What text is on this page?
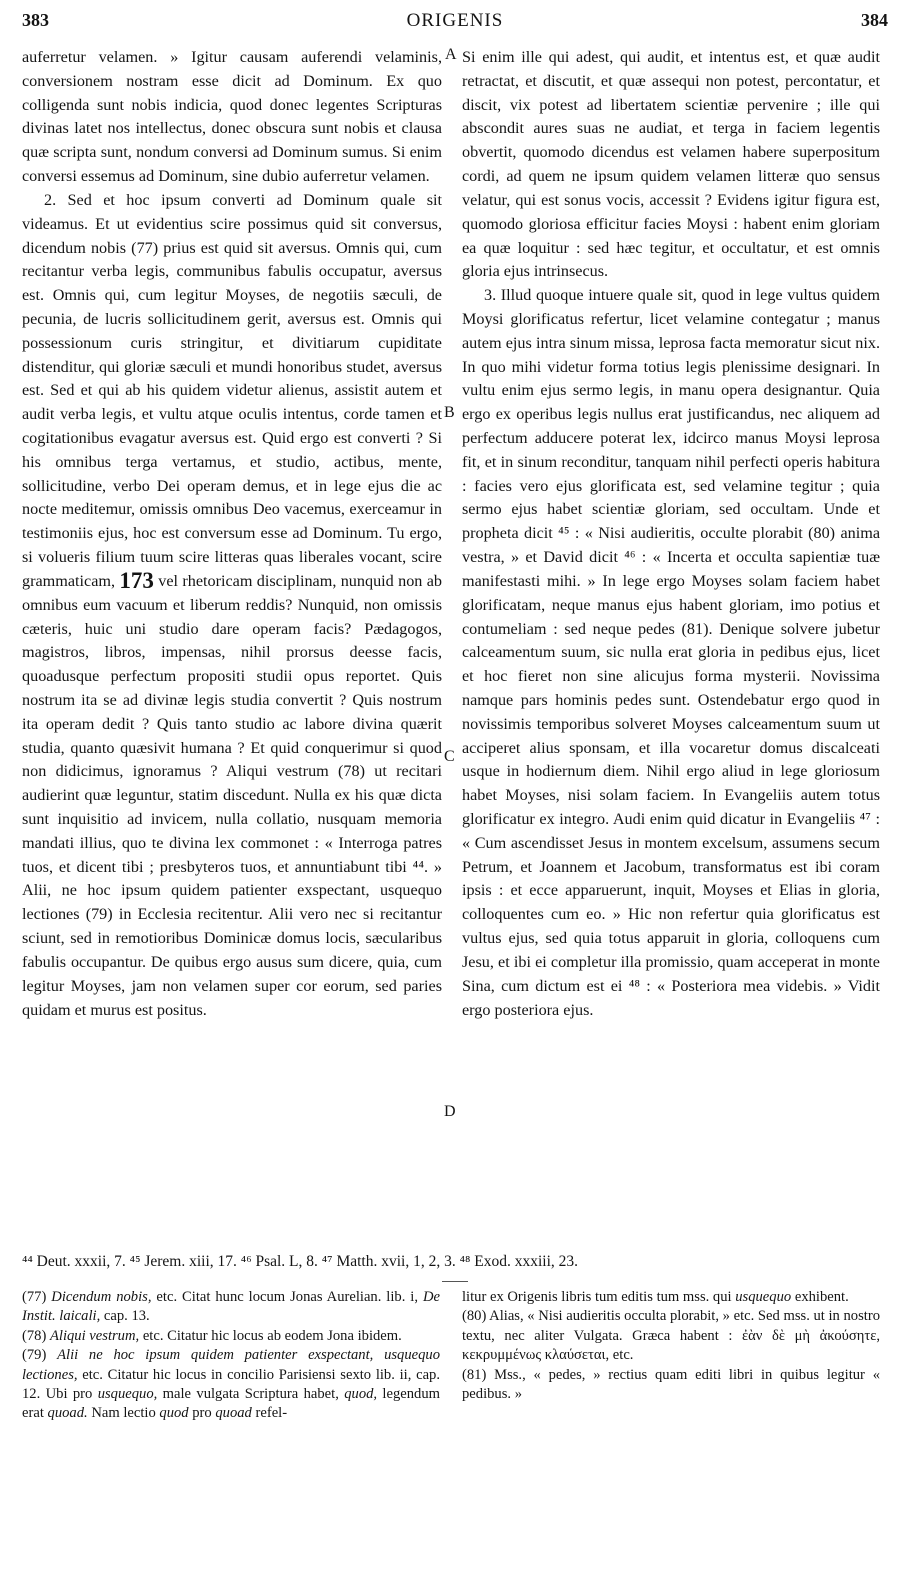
383	ORIGENIS	384

auferretur velamen. » Igitur causam auferendi velaminis, conversionem nostram esse dicit ad Dominum. Ex quo colligenda sunt nobis indicia, quod donec legentes Scripturas divinas latet nos intellectus, donec obscura sunt nobis et clausa quæ scripta sunt, nondum conversi ad Dominum sumus. Si enim conversi essemus ad Dominum, sine dubio auferretur velamen.

2. Sed et hoc ipsum converti ad Dominum quale sit videamus. Et ut evidentius scire possimus quid sit conversus, dicendum nobis (77) prius est quid sit aversus. Omnis qui, cum recitantur verba legis, communibus fabulis occupatur, aversus est. Omnis qui, cum legitur Moyses, de negotiis sæculi, de pecunia, de lucris sollicitudinem gerit, aversus est. Omnis qui possessionum curis stringitur, et divitiarum cupiditate distenditur, qui gloriæ sæculi et mundi honoribus studet, aversus est. Sed et qui ab his quidem videtur alienus, assistit autem et audit verba legis, et vultu atque oculis intentus, corde tamen et cogitationibus evagatur aversus est. Quid ergo est converti ? Si his omnibus terga vertamus, et studio, actibus, mente, sollicitudine, verbo Dei operam demus, et in lege ejus die ac nocte meditemur, omissis omnibus Deo vacemus, exerceamur in testimoniis ejus, hoc est conversum esse ad Dominum. Tu ergo, si volueris filium tuum scire litteras quas liberales vocant, scire grammaticam, 173 vel rhetoricam disciplinam, nunquid non ab omnibus eum vacuum et liberum reddis? Nunquid, non omissis cæteris, huic uni studio dare operam facis? Pædagogos, magistros, libros, impensas, nihil prorsus deesse facis, quoadusque perfectum propositi studii opus reportet. Quis nostrum ita se ad divinæ legis studia convertit ? Quis nostrum ita operam dedit ? Quis tanto studio ac labore divina quærit studia, quanto quæsivit humana ? Et quid conquerimur si quod non didicimus, ignoramus ? Aliqui vestrum (78) ut recitari audierint quæ leguntur, statim discedunt. Nulla ex his quæ dicta sunt inquisitio ad invicem, nulla collatio, nusquam memoria mandati illius, quo te divina lex commonet : « Interroga patres tuos, et dicent tibi ; presbyteros tuos, et annuntiabunt tibi ⁴⁴. » Alii, ne hoc ipsum quidem patienter exspectant, usquequo lectiones (79) in Ecclesia recitentur. Alii vero nec si recitantur sciunt, sed in remotioribus Dominicæ domus locis, sæcularibus fabulis occupantur. De quibus ergo ausus sum dicere, quia, cum legitur Moyses, jam non velamen super cor eorum, sed paries quidam et murus est positus.

A
B
C
D

Si enim ille qui adest, qui audit, et intentus est, et quæ audit retractat, et discutit, et quæ assequi non potest, percontatur, et discit, vix potest ad libertatem scientiæ pervenire ; ille qui abscondit aures suas ne audiat, et terga in faciem legentis obvertit, quomodo dicendus est velamen habere superpositum cordi, ad quem ne ipsum quidem velamen litteræ quo sensus velatur, qui est sonus vocis, accessit ? Evidens igitur figura est, quomodo gloriosa efficitur facies Moysi : habent enim gloriam ea quæ loquitur : sed hæc tegitur, et occultatur, et est omnis gloria ejus intrinsecus.

3. Illud quoque intuere quale sit, quod in lege vultus quidem Moysi glorificatus refertur, licet velamine contegatur ; manus autem ejus intra sinum missa, leprosa facta memoratur sicut nix. In quo mihi videtur forma totius legis plenissime designari. In vultu enim ejus sermo legis, in manu opera designantur. Quia ergo ex operibus legis nullus erat justificandus, nec aliquem ad perfectum adducere poterat lex, idcirco manus Moysi leprosa fit, et in sinum reconditur, tanquam nihil perfecti operis habitura : facies vero ejus glorificata est, sed velamine tegitur ; quia sermo ejus habet scientiæ gloriam, sed occultam. Unde et propheta dicit ⁴⁵ : « Nisi audieritis, occulte plorabit (80) anima vestra, » et David dicit ⁴⁶ : « Incerta et occulta sapientiæ tuæ manifestasti mihi. » In lege ergo Moyses solam faciem habet glorificatam, neque manus ejus habent gloriam, imo potius et contumeliam : sed neque pedes (81). Denique solvere jubetur calceamentum suum, sic nulla erat gloria in pedibus ejus, licet et hoc fieret non sine alicujus forma mysterii. Novissima namque pars hominis pedes sunt. Ostendebatur ergo quod in novissimis temporibus solveret Moyses calceamentum suum ut acciperet alius sponsam, et illa vocaretur domus discalceati usque in hodiernum diem. Nihil ergo aliud in lege gloriosum habet Moyses, nisi solam faciem. In Evangeliis autem totus glorificatur ex integro. Audi enim quid dicatur in Evangeliis ⁴⁷ : « Cum ascendisset Jesus in montem excelsum, assumens secum Petrum, et Joannem et Jacobum, transformatus est ibi coram ipsis : et ecce apparuerunt, inquit, Moyses et Elias in gloria, colloquentes cum eo. » Hic non refertur quia glorificatus est vultus ejus, sed quia totus apparuit in gloria, colloquens cum Jesu, et ibi ei completur illa promissio, quam acceperat in monte Sina, cum dictum est ei ⁴⁸ : « Posteriora mea videbis. » Vidit ergo posteriora ejus.

⁴⁴ Deut. xxxii, 7. ⁴⁵ Jerem. xiii, 17. ⁴⁶ Psal. L, 8. ⁴⁷ Matth. xvii, 1, 2, 3. ⁴⁸ Exod. xxxiii, 23.

(77) Dicendum nobis, etc. Citat hunc locum Jonas Aurelian. lib. i, De Instit. laicali, cap. 13.

(78) Aliqui vestrum, etc. Citatur hic locus ab eodem Jona ibidem.

(79) Alii ne hoc ipsum quidem patienter exspectant, usquequo lectiones, etc. Citatur hic locus in concilio Parisiensi sexto lib. ii, cap. 12. Ubi pro usquequo, male vulgata Scriptura habet, quod, legendum erat quoad. Nam lectio quod pro quoad refel-

litur ex Origenis libris tum editis tum mss. qui usquequo exhibent.

(80) Alias, « Nisi audieritis occulta plorabit, » etc. Sed mss. ut in nostro textu, nec aliter Vulgata. Græca habent : ἐὰν δὲ μὴ ἀκούσητε, κεκρυμμένως κλαύσεται, etc.

(81) Mss., « pedes, » rectius quam editi libri in quibus legitur « pedibus. »
